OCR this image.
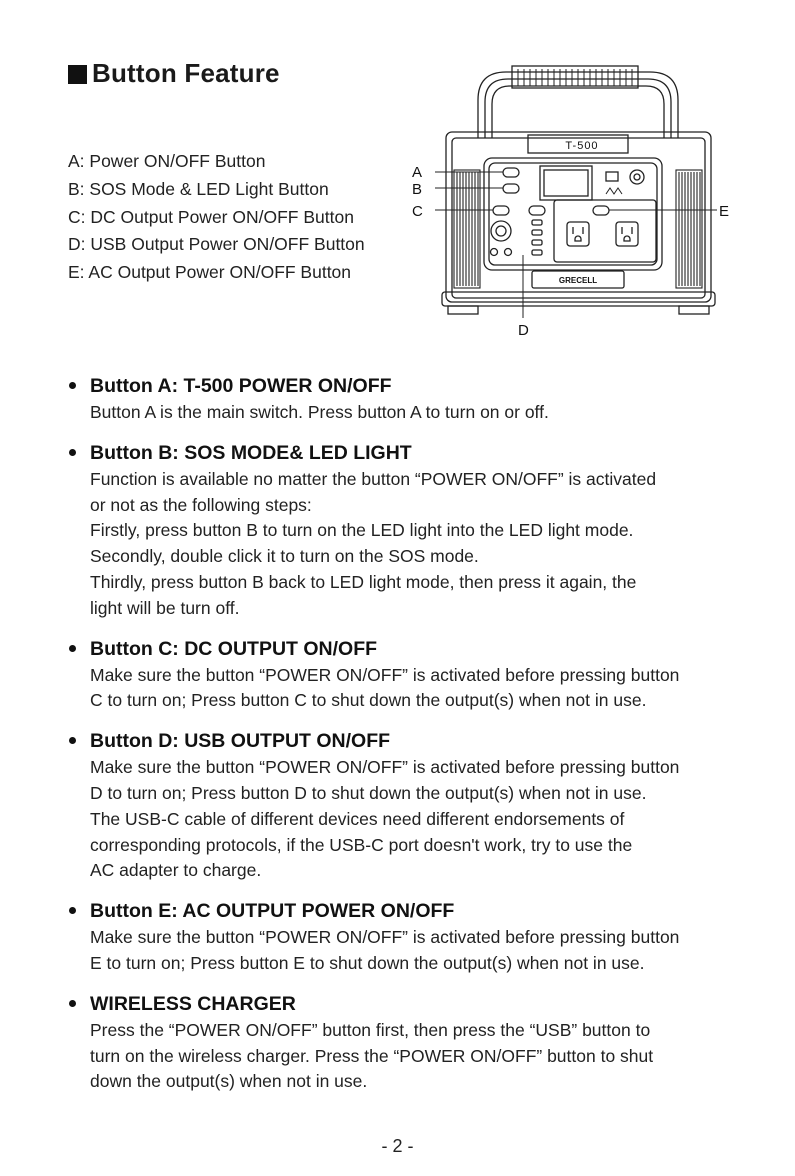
Button Feature
A: Power ON/OFF Button
B: SOS Mode & LED Light Button
C: DC Output Power ON/OFF Button
D: USB Output Power ON/OFF Button
E: AC Output Power ON/OFF Button
T-500
GRECELL
A
B
C	E
D
Button A: T-500 POWER ON/OFF

Button A is the main switch. Press button A to turn on or off.

Button B: SOS MODE& LED LIGHT

Function is available no matter the button “POWER ON/OFF” is activated

or not as the following steps:

Firstly, press button B to turn on the LED light into the LED light mode.

Secondly, double click it to turn on the SOS mode.

Thirdly, press button B back to LED light mode, then press it again, the

light will be turn off.

Button C: DC OUTPUT ON/OFF

Make sure the button “POWER ON/OFF” is activated before pressing button

C to turn on; Press button C to shut down the output(s) when not in use.

Button D: USB OUTPUT ON/OFF

Make sure the button “POWER ON/OFF” is activated before pressing button

D to turn on; Press button D to shut down the output(s) when not in use.

The USB-C cable of different devices need different endorsements of

corresponding protocols, if the USB-C port doesn't work, try to use the

AC adapter to charge.

Button E: AC OUTPUT POWER ON/OFF

Make sure the button “POWER ON/OFF” is activated before pressing button

E to turn on; Press button E to shut down the output(s) when not in use.

WIRELESS CHARGER

Press the “POWER ON/OFF” button first, then press the “USB” button to

turn on the wireless charger. Press the “POWER ON/OFF” button to shut

down the output(s) when not in use.

- 2 -
